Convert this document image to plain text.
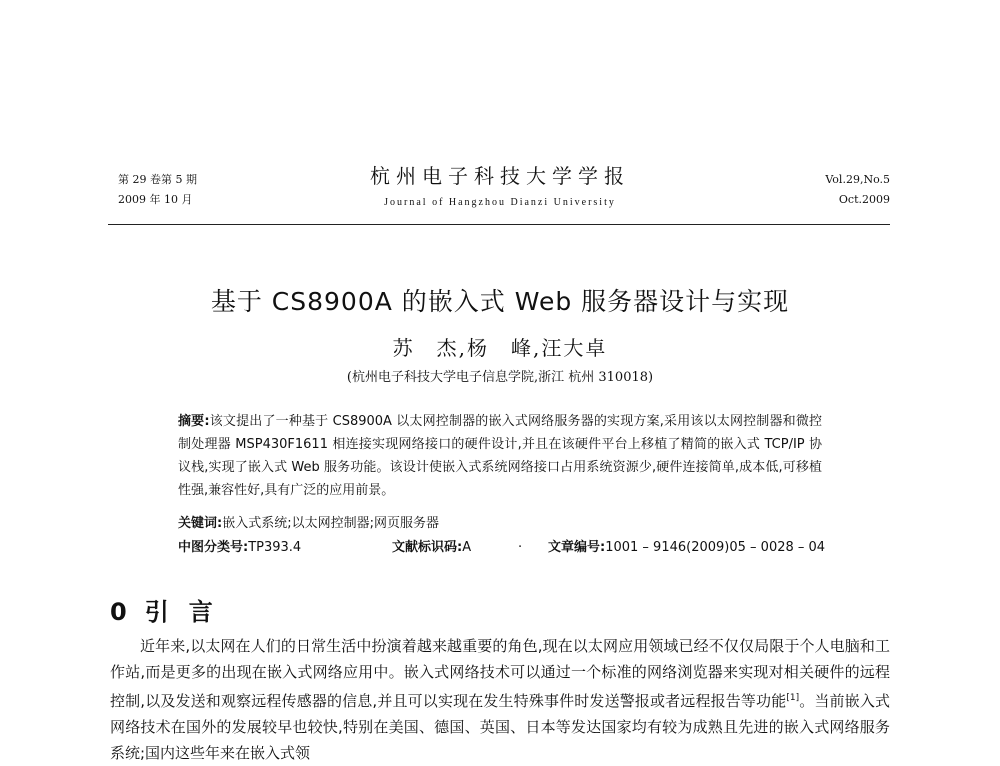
第 29 卷第 5 期
2009 年 10 月
杭州电子科技大学学报
Journal of Hangzhou Dianzi University
Vol.29,No.5
Oct.2009
基于 CS8900A 的嵌入式 Web 服务器设计与实现
苏　杰,杨　峰,汪大卓
(杭州电子科技大学电子信息学院,浙江 杭州 310018)
摘要:该文提出了一种基于 CS8900A 以太网控制器的嵌入式网络服务器的实现方案,采用该以太网控制器和微控制处理器 MSP430F1611 相连接实现网络接口的硬件设计,并且在该硬件平台上移植了精简的嵌入式 TCP/IP 协议栈,实现了嵌入式 Web 服务功能。该设计使嵌入式系统网络接口占用系统资源少,硬件连接简单,成本低,可移植性强,兼容性好,具有广泛的应用前景。
关键词:嵌入式系统;以太网控制器;网页服务器
中图分类号:TP393.4	文献标识码:A	· 文章编号:1001 – 9146(2009)05 – 0028 – 04
0 引言
近年来,以太网在人们的日常生活中扮演着越来越重要的角色,现在以太网应用领域已经不仅仅局限于个人电脑和工作站,而是更多的出现在嵌入式网络应用中。嵌入式网络技术可以通过一个标准的网络浏览器来实现对相关硬件的远程控制,以及发送和观察远程传感器的信息,并且可以实现在发生特殊事件时发送警报或者远程报告等功能[1]。当前嵌入式网络技术在国外的发展较早也较快,特别在美国、德国、英国、日本等发达国家均有较为成熟且先进的嵌入式网络服务系统;国内这些年来在嵌入式领
